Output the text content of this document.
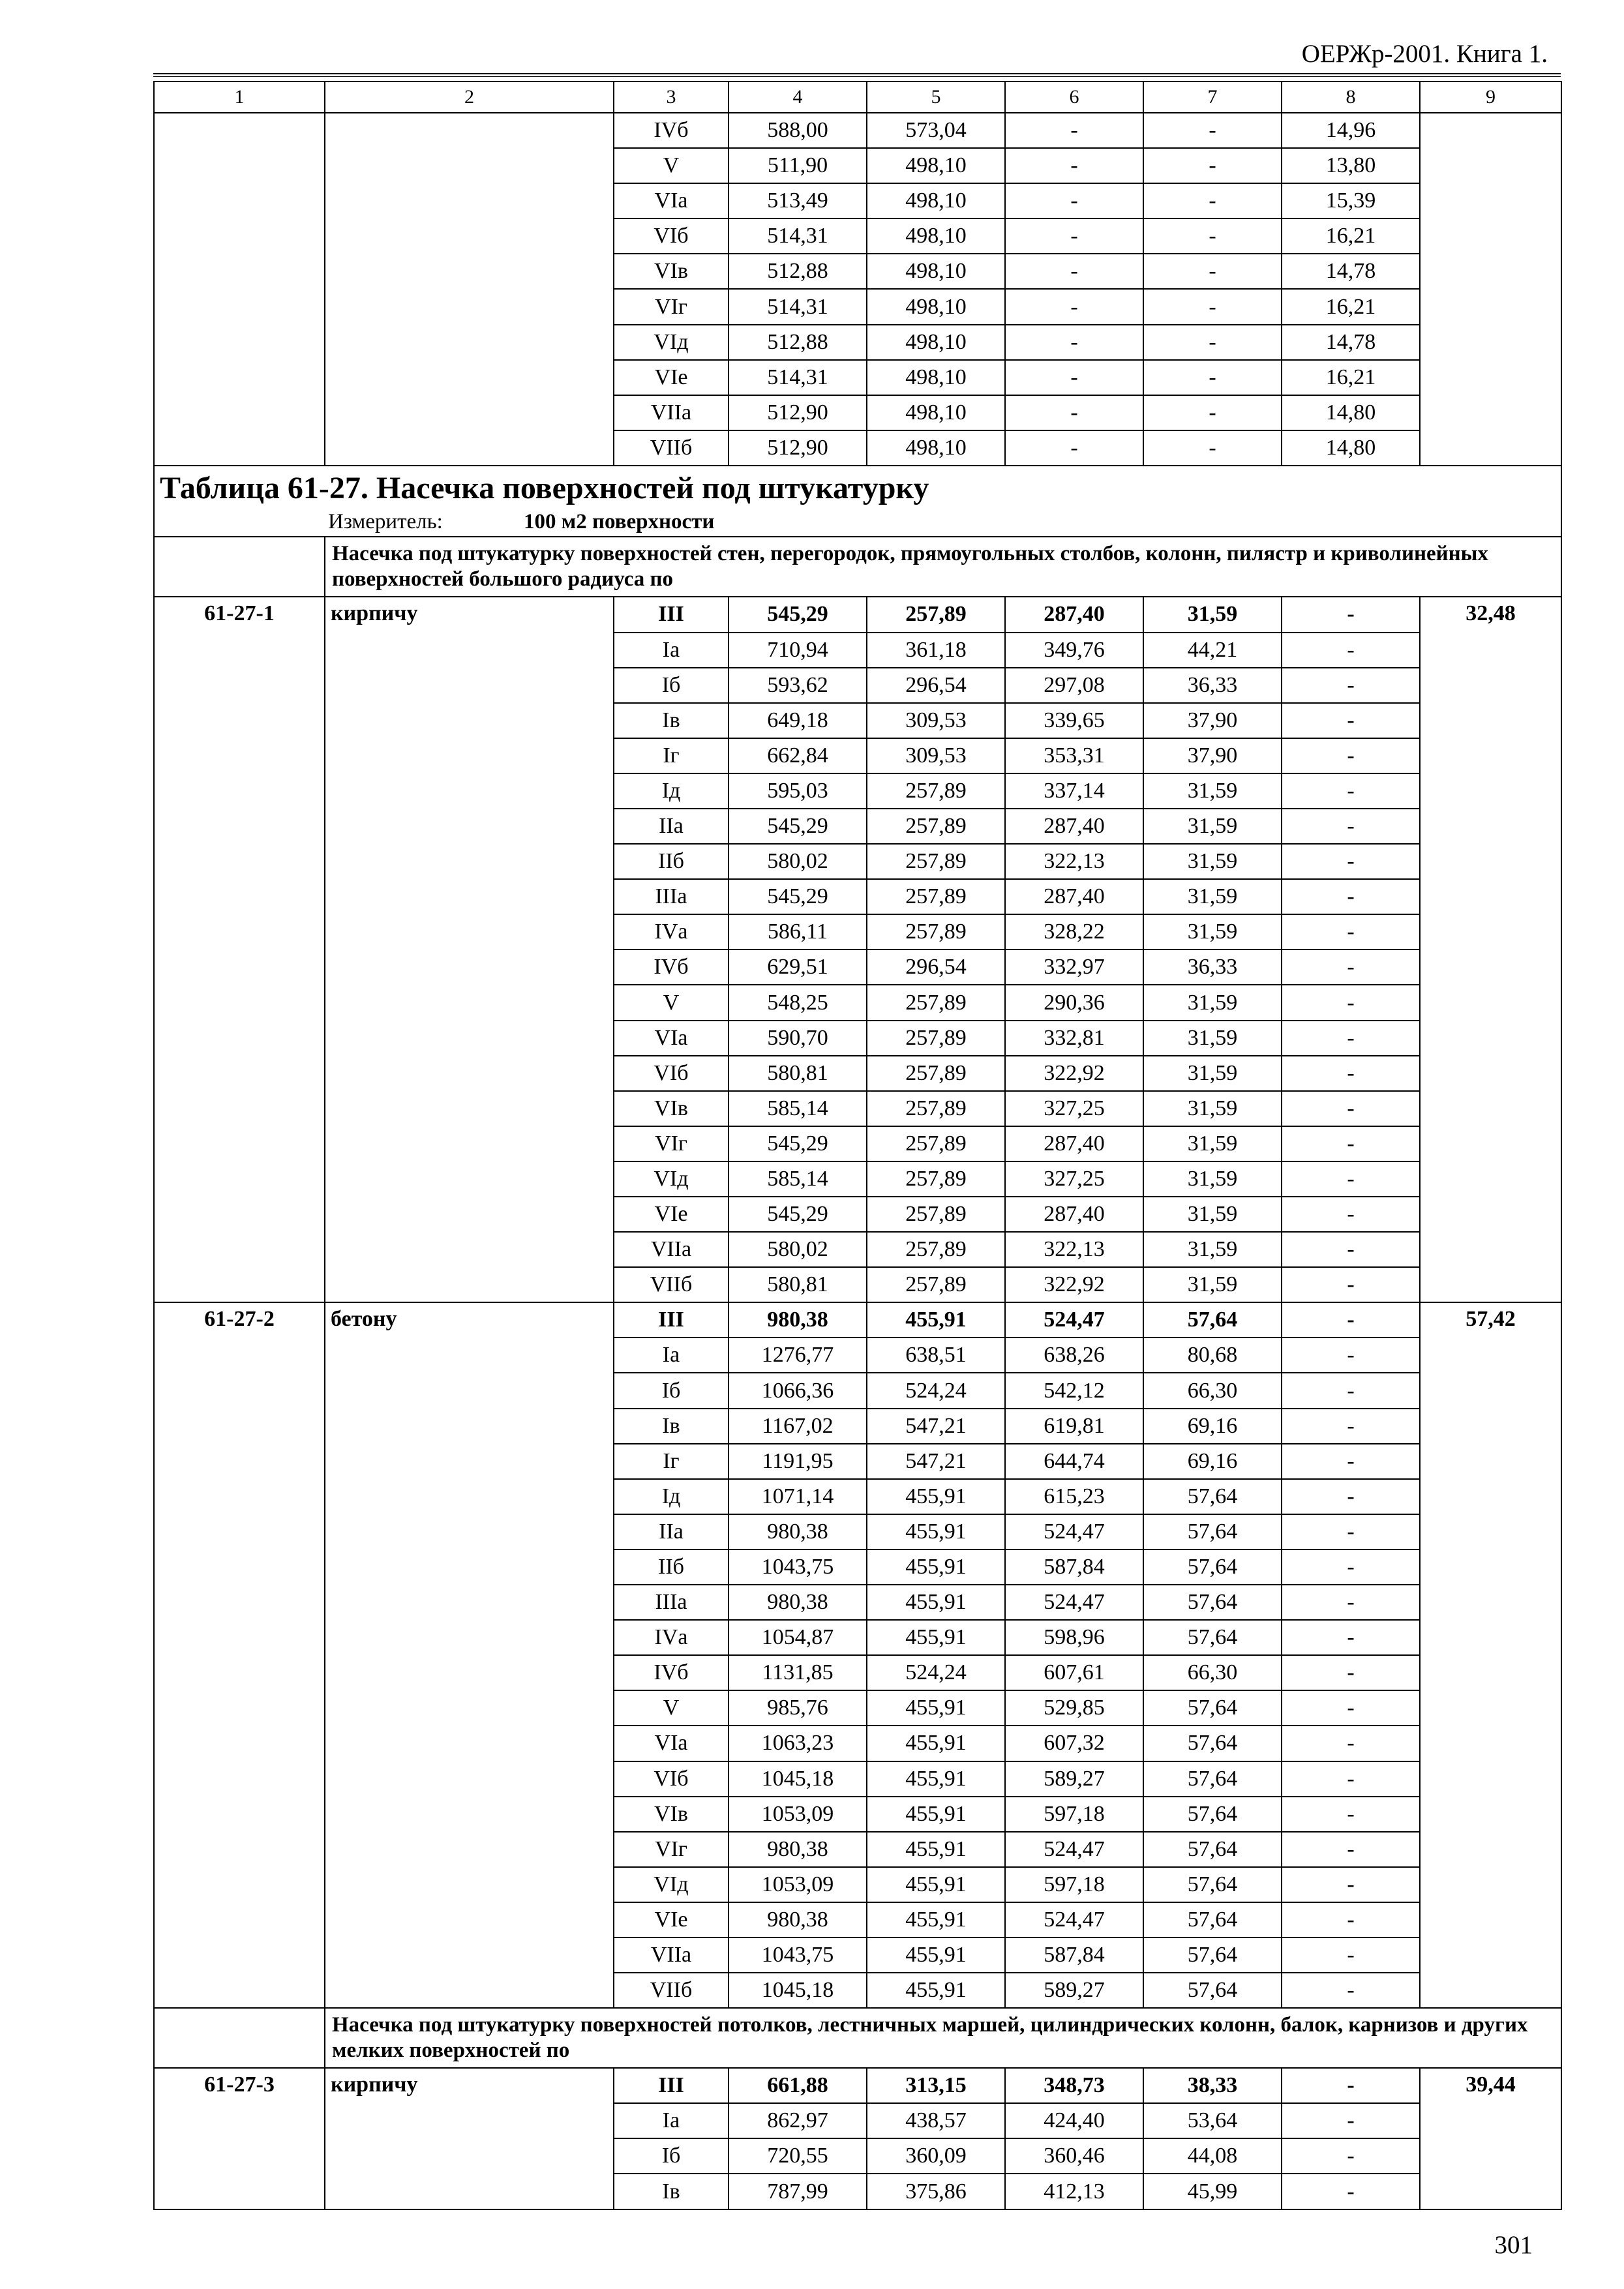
ОЕРЖр-2001. Книга 1.
1	2	3	4	5	6	7	8	9
		IVб	588,00	573,04	-	-	14,96	
		V	511,90	498,10	-	-	13,80	
		VIа	513,49	498,10	-	-	15,39	
		VIб	514,31	498,10	-	-	16,21	
		VIв	512,88	498,10	-	-	14,78	
		VIг	514,31	498,10	-	-	16,21	
		VIд	512,88	498,10	-	-	14,78	
		VIе	514,31	498,10	-	-	16,21	
		VIIа	512,90	498,10	-	-	14,80	
		VIIб	512,90	498,10	-	-	14,80	

Таблица 61-27. Насечка поверхностей под штукатурку
Измеритель: 100 м2 поверхности								

	Насечка под штукатурку поверхностей стен, перегородок, прямоугольных столбов, колонн, пилястр и криволинейных поверхностей большого радиуса по							
61-27-1	кирпичу	III	545,29	257,89	287,40	31,59	-	32,48
		Iа	710,94	361,18	349,76	44,21	-	
		Iб	593,62	296,54	297,08	36,33	-	
		Iв	649,18	309,53	339,65	37,90	-	
		Iг	662,84	309,53	353,31	37,90	-	
		Iд	595,03	257,89	337,14	31,59	-	
		IIа	545,29	257,89	287,40	31,59	-	
		IIб	580,02	257,89	322,13	31,59	-	
		IIIа	545,29	257,89	287,40	31,59	-	
		IVа	586,11	257,89	328,22	31,59	-	
		IVб	629,51	296,54	332,97	36,33	-	
		V	548,25	257,89	290,36	31,59	-	
		VIа	590,70	257,89	332,81	31,59	-	
		VIб	580,81	257,89	322,92	31,59	-	
		VIв	585,14	257,89	327,25	31,59	-	
		VIг	545,29	257,89	287,40	31,59	-	
		VIд	585,14	257,89	327,25	31,59	-	
		VIе	545,29	257,89	287,40	31,59	-	
		VIIа	580,02	257,89	322,13	31,59	-	
		VIIб	580,81	257,89	322,92	31,59	-	
61-27-2	бетону	III	980,38	455,91	524,47	57,64	-	57,42
		Iа	1276,77	638,51	638,26	80,68	-	
		Iб	1066,36	524,24	542,12	66,30	-	
		Iв	1167,02	547,21	619,81	69,16	-	
		Iг	1191,95	547,21	644,74	69,16	-	
		Iд	1071,14	455,91	615,23	57,64	-	
		IIа	980,38	455,91	524,47	57,64	-	
		IIб	1043,75	455,91	587,84	57,64	-	
		IIIа	980,38	455,91	524,47	57,64	-	
		IVа	1054,87	455,91	598,96	57,64	-	
		IVб	1131,85	524,24	607,61	66,30	-	
		V	985,76	455,91	529,85	57,64	-	
		VIа	1063,23	455,91	607,32	57,64	-	
		VIб	1045,18	455,91	589,27	57,64	-	
		VIв	1053,09	455,91	597,18	57,64	-	
		VIг	980,38	455,91	524,47	57,64	-	
		VIд	1053,09	455,91	597,18	57,64	-	
		VIе	980,38	455,91	524,47	57,64	-	
		VIIа	1043,75	455,91	587,84	57,64	-	
		VIIб	1045,18	455,91	589,27	57,64	-	
	Насечка под штукатурку поверхностей потолков, лестничных маршей, цилиндрических колонн, балок, карнизов и других мелких поверхностей по							
61-27-3	кирпичу	III	661,88	313,15	348,73	38,33	-	39,44
		Iа	862,97	438,57	424,40	53,64	-	
		Iб	720,55	360,09	360,46	44,08	-	
		Iв	787,99	375,86	412,13	45,99	-	
301
